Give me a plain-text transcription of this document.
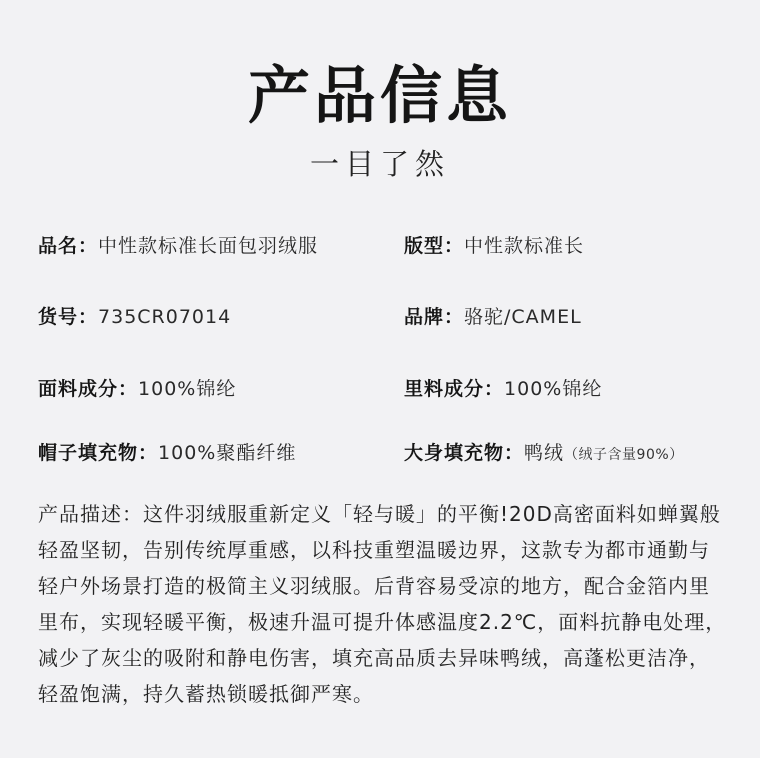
产品信息
一目了然
品名：中性款标准长面包羽绒服	版型：中性款标准长
货号：735CR07014	品牌：骆驼/CAMEL
面料成分：100%锦纶	里料成分：100%锦纶
帽子填充物：100%聚酯纤维	大身填充物：鸭绒（绒子含量90%）
产品描述：这件羽绒服重新定义「轻与暖」的平衡!20D高密面料如蝉翼般轻盈坚韧，告别传统厚重感，以科技重塑温暖边界，这款专为都市通勤与轻户外场景打造的极简主义羽绒服。后背容易受凉的地方，配合金箔内里里布，实现轻暖平衡，极速升温可提升体感温度2.2℃，面料抗静电处理，减少了灰尘的吸附和静电伤害，填充高品质去异味鸭绒，高蓬松更洁净，轻盈饱满，持久蓄热锁暖抵御严寒。
